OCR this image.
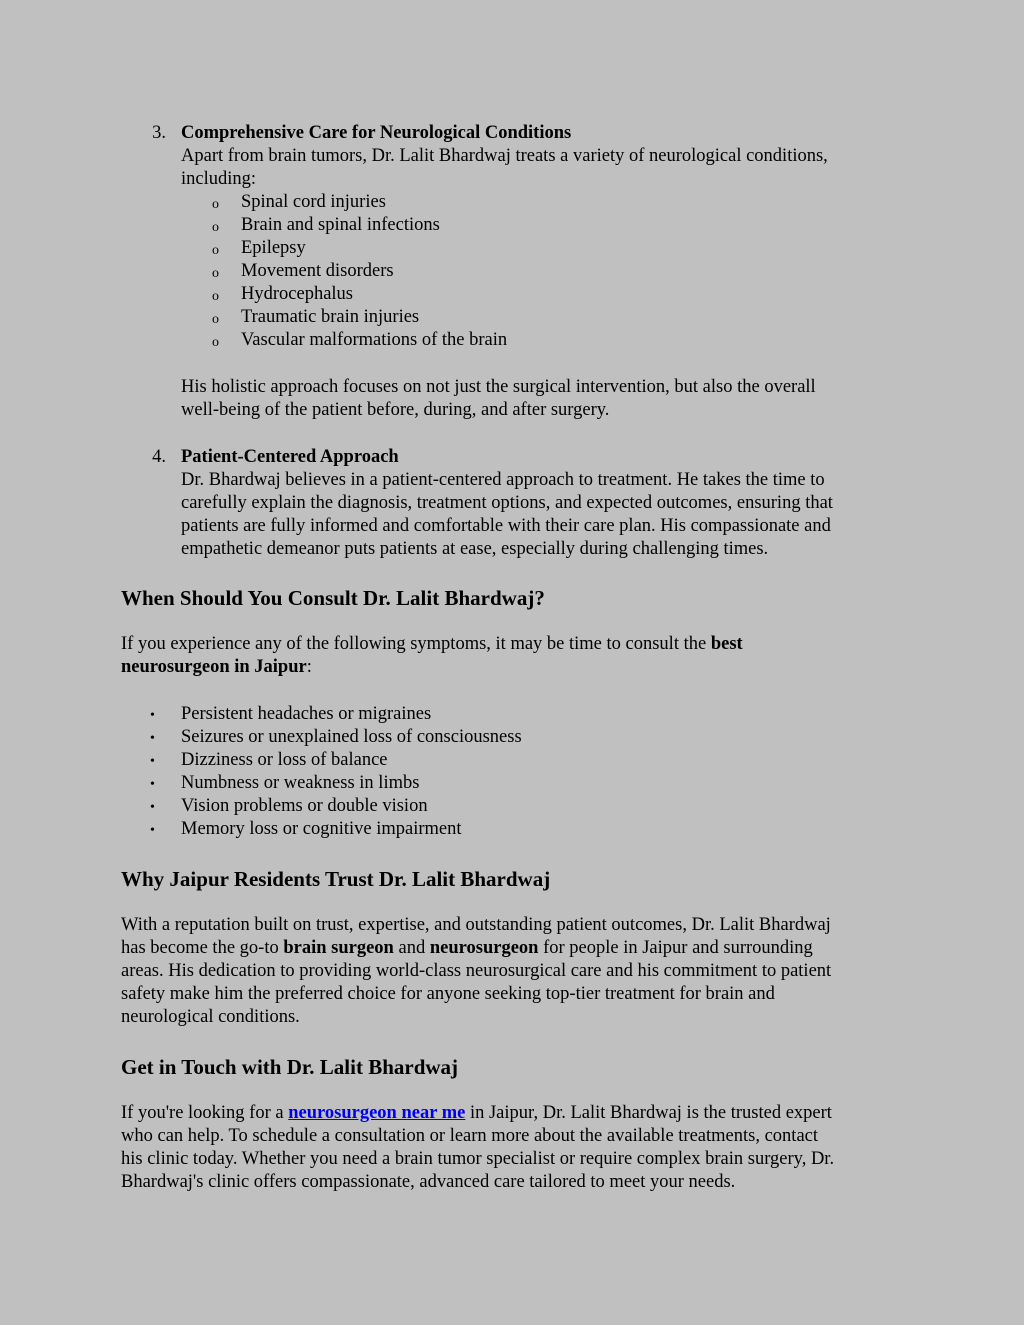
3. Comprehensive Care for Neurological Conditions
Apart from brain tumors, Dr. Lalit Bhardwaj treats a variety of neurological conditions,
including:
o Spinal cord injuries
o Brain and spinal infections
o Epilepsy
o Movement disorders
o Hydrocephalus
o Traumatic brain injuries
o Vascular malformations of the brain
His holistic approach focuses on not just the surgical intervention, but also the overall
well-being of the patient before, during, and after surgery.
4. Patient-Centered Approach
Dr. Bhardwaj believes in a patient-centered approach to treatment. He takes the time to
carefully explain the diagnosis, treatment options, and expected outcomes, ensuring that
patients are fully informed and comfortable with their care plan. His compassionate and
empathetic demeanor puts patients at ease, especially during challenging times.
When Should You Consult Dr. Lalit Bhardwaj?
If you experience any of the following symptoms, it may be time to consult the best
neurosurgeon in Jaipur:
• Persistent headaches or migraines
• Seizures or unexplained loss of consciousness
• Dizziness or loss of balance
• Numbness or weakness in limbs
• Vision problems or double vision
• Memory loss or cognitive impairment
Why Jaipur Residents Trust Dr. Lalit Bhardwaj
With a reputation built on trust, expertise, and outstanding patient outcomes, Dr. Lalit Bhardwaj
has become the go-to brain surgeon and neurosurgeon for people in Jaipur and surrounding
areas. His dedication to providing world-class neurosurgical care and his commitment to patient
safety make him the preferred choice for anyone seeking top-tier treatment for brain and
neurological conditions.
Get in Touch with Dr. Lalit Bhardwaj
If you're looking for a neurosurgeon near me in Jaipur, Dr. Lalit Bhardwaj is the trusted expert
who can help. To schedule a consultation or learn more about the available treatments, contact
his clinic today. Whether you need a brain tumor specialist or require complex brain surgery, Dr.
Bhardwaj's clinic offers compassionate, advanced care tailored to meet your needs.
